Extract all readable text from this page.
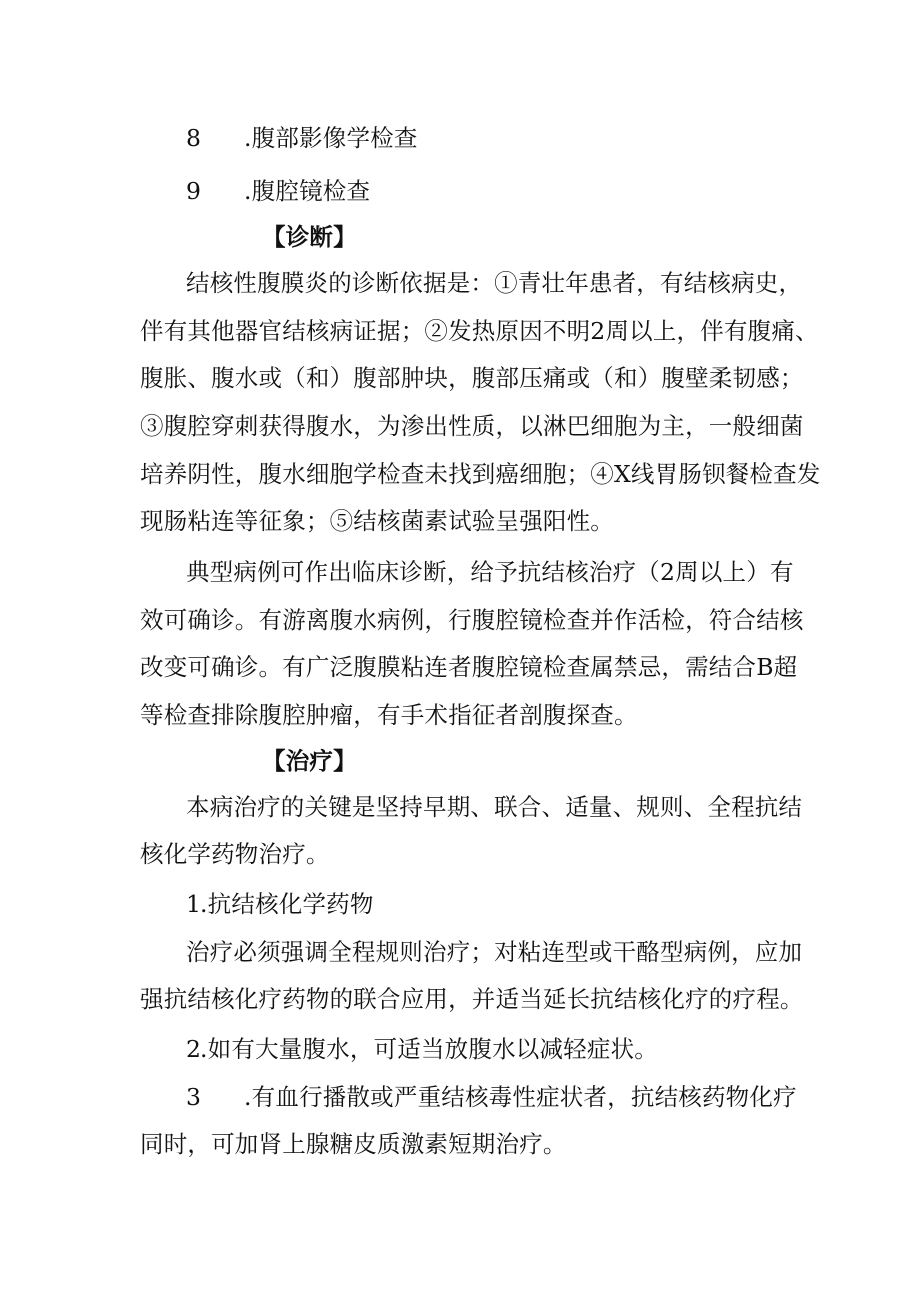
8 .腹部影像学检查
9 .腹腔镜检查
【诊断】
结核性腹膜炎的诊断依据是：①青壮年患者，有结核病史，
伴有其他器官结核病证据；②发热原因不明2周以上，伴有腹痛、
腹胀、腹水或（和）腹部肿块，腹部压痛或（和）腹壁柔韧感；
③腹腔穿刺获得腹水，为渗出性质，以淋巴细胞为主，一般细菌
培养阴性，腹水细胞学检查未找到癌细胞；④X线胃肠钡餐检查发
现肠粘连等征象；⑤结核菌素试验呈强阳性。
典型病例可作出临床诊断，给予抗结核治疗（2周以上）有
效可确诊。有游离腹水病例，行腹腔镜检查并作活检，符合结核
改变可确诊。有广泛腹膜粘连者腹腔镜检查属禁忌，需结合B超
等检查排除腹腔肿瘤，有手术指征者剖腹探查。
【治疗】
本病治疗的关键是坚持早期、联合、适量、规则、全程抗结
核化学药物治疗。
1.抗结核化学药物
治疗必须强调全程规则治疗；对粘连型或干酪型病例，应加
强抗结核化疗药物的联合应用，并适当延长抗结核化疗的疗程。
2.如有大量腹水，可适当放腹水以减轻症状。
3 .有血行播散或严重结核毒性症状者，抗结核药物化疗
同时，可加肾上腺糖皮质激素短期治疗。
